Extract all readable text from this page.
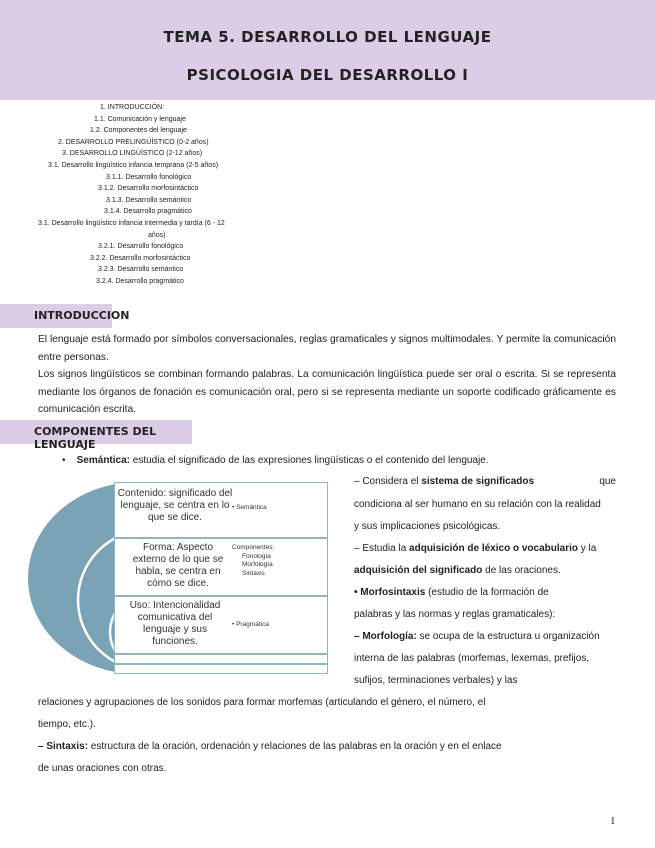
TEMA 5. DESARROLLO DEL LENGUAJE
PSICOLOGIA DEL DESARROLLO I
1. INTRODUCCIÓN:
1.1. Comunicación y lenguaje
1.2. Componentes del lenguaje
2. DESARROLLO PRELINGÜÍSTICO (0-2 años)
3. DESARROLLO LINGÜÍSTICO (2-12 años)
3.1. Desarrollo lingüístico infancia temprana (2-5 años)
3.1.1. Desarrollo fonológico
3.1.2. Desarrollo morfosintáctico
3.1.3. Desarrollo semántico
3.1.4. Desarrollo pragmático
3.1. Desarrollo lingüístico infancia intermedia y tardía (6 - 12
años)
3.2.1. Desarrollo fonológico
3.2.2. Desarrollo morfosintáctico
3.2.3. Desarrollo semántico
3.2.4. Desarrollo pragmático
INTRODUCCION
El lenguaje está formado por símbolos conversacionales, reglas gramaticales y signos multimodales. Y permite la comunicación entre personas.
Los signos lingüísticos se combinan formando palabras. La comunicación lingüística puede ser oral o escrita. Si se representa mediante los órganos de fonación es comunicación oral, pero si se representa mediante un soporte codificado gráficamente es comunicación escrita.
COMPONENTES DEL LENGUAJE
• Semántica: estudia el significado de las expresiones lingüísticas o el contenido del lenguaje.
Contenido: significado del lenguaje, se centra en lo que se dice.
• Semántica
Forma: Aspecto externo de lo que se habla, se centra en cómo se dice.
Componentes:
Fonología
Morfología
Sintaxis
Uso: Intencionalidad comunicativa del lenguaje y sus funciones.
• Pragmática
– Considera el sistema de significados	que
condiciona al ser humano en su relación con la realidad
y sus implicaciones psicológicas.
– Estudia la adquisición de léxico o vocabulario y la
adquisición del significado de las oraciones.
• Morfosintaxis (estudio de la formación de
palabras y las normas y reglas gramaticales):
– Morfología: se ocupa de la estructura u organización
interna de las palabras (morfemas, lexemas, prefijos,
sufijos, terminaciones verbales) y las
relaciones y agrupaciones de los sonidos para formar morfemas (articulando el género, el número, el
tiempo, etc.).
– Sintaxis: estructura de la oración, ordenación y relaciones de las palabras en la oración y en el enlace
de unas oraciones con otras.
1
